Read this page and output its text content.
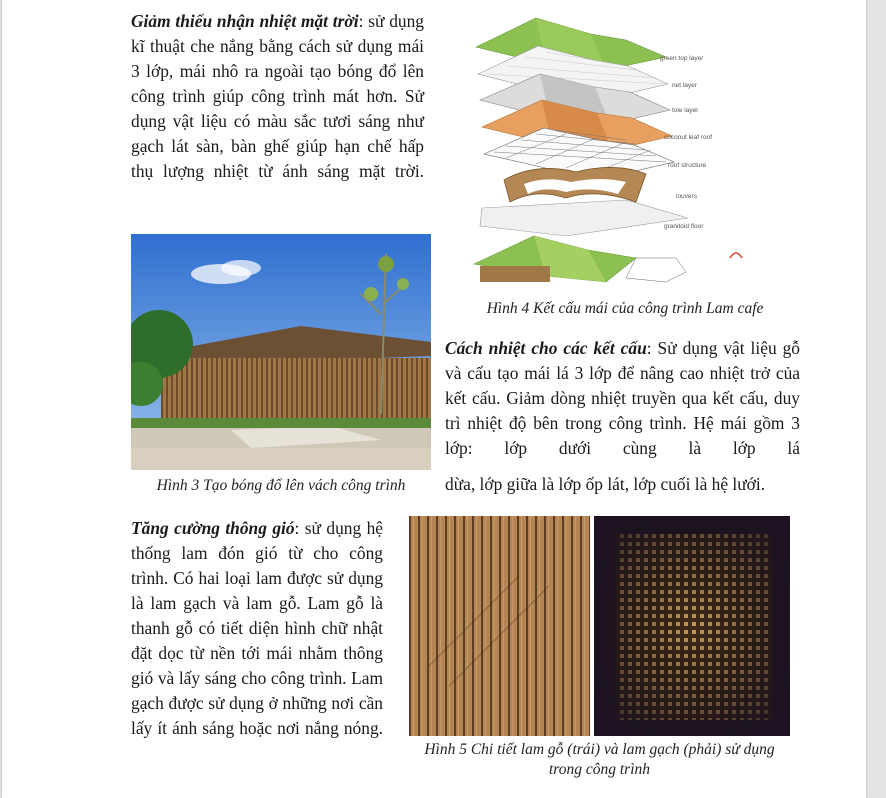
Giảm thiểu nhận nhiệt mặt trời: sử dụng kĩ thuật che nắng bằng cách sử dụng mái 3 lớp, mái nhô ra ngoài tạo bóng đổ lên công trình giúp công trình mát hơn. Sử dụng vật liệu có màu sắc tươi sáng như gạch lát sàn, bàn ghế giúp hạn chế hấp thụ lượng nhiệt từ ánh sáng mặt trời.

green top layer
net layer
tole layer
coconut leaf roof
roof structure
louvers
granitoid floor

Hình 4 Kết cấu mái của công trình Lam cafe

Hình 3 Tạo bóng đổ lên vách công trình

Cách nhiệt cho các kết cấu: Sử dụng vật liệu gỗ và cấu tạo mái lá 3 lớp để nâng cao nhiệt trở của kết cấu. Giảm dòng nhiệt truyền qua kết cấu, duy trì nhiệt độ bên trong công trình. Hệ mái gồm 3 lớp: lớp dưới cùng là lớp lá

dừa, lớp giữa là lớp ốp lát, lớp cuối là hệ lưới.

Tăng cường thông gió: sử dụng hệ thống lam đón gió từ cho công trình. Có hai loại lam được sử dụng là lam gạch và lam gỗ. Lam gỗ là thanh gỗ có tiết diện hình chữ nhật đặt dọc từ nền tới mái nhằm thông gió và lấy sáng cho công trình. Lam gạch được sử dụng ở những nơi cần lấy ít ánh sáng hoặc nơi nắng nóng.

Hình 5 Chi tiết lam gỗ (trái) và lam gạch (phải) sử dụng trong công trình
